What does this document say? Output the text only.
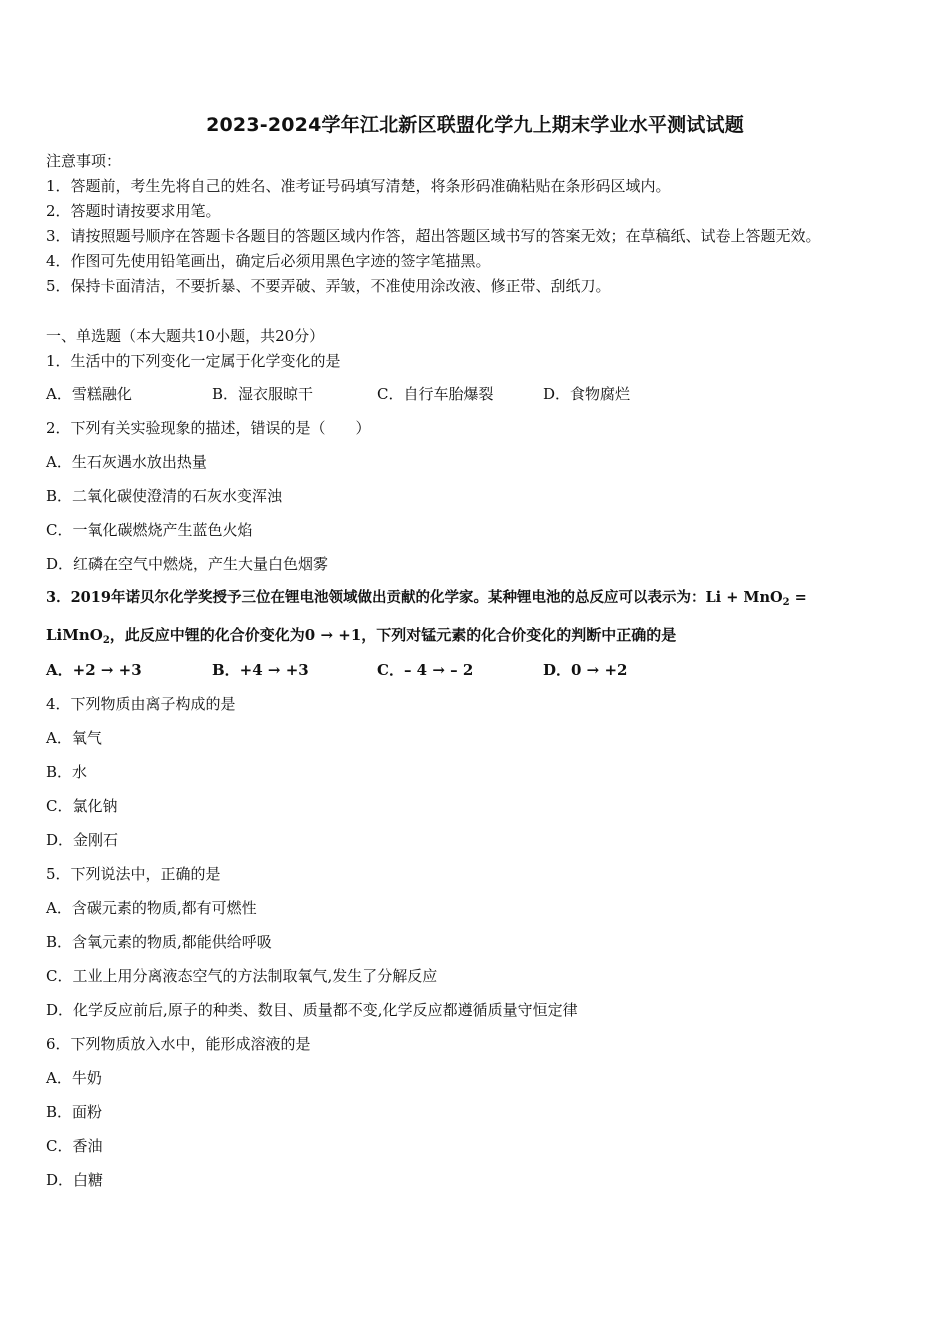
2023-2024学年江北新区联盟化学九上期末学业水平测试试题
注意事项：
1．答题前，考生先将自己的姓名、准考证号码填写清楚，将条形码准确粘贴在条形码区域内。
2．答题时请按要求用笔。
3．请按照题号顺序在答题卡各题目的答题区域内作答，超出答题区域书写的答案无效；在草稿纸、试卷上答题无效。
4．作图可先使用铅笔画出，确定后必须用黑色字迹的签字笔描黑。
5．保持卡面清洁，不要折暴、不要弄破、弄皱，不准使用涂改液、修正带、刮纸刀。
一、单选题（本大题共10小题，共20分）
1．生活中的下列变化一定属于化学变化的是
A．雪糕融化	B．湿衣服晾干	C．自行车胎爆裂	D．食物腐烂
2．下列有关实验现象的描述，错误的是（　　）
A．生石灰遇水放出热量
B．二氧化碳使澄清的石灰水变浑浊
C．一氧化碳燃烧产生蓝色火焰
D．红磷在空气中燃烧，产生大量白色烟雾
3．2019年诺贝尔化学奖授予三位在锂电池领域做出贡献的化学家。某种锂电池的总反应可以表示为：Li + MnO$_2$ =
LiMnO$_2$，此反应中锂的化合价变化为0 → +1，下列对锰元素的化合价变化的判断中正确的是
A．+2 → +3	B．+4 → +3	C．– 4 → – 2	D．0 → +2
4．下列物质由离子构成的是
A．氧气
B．水
C．氯化钠
D．金刚石
5．下列说法中，正确的是
A．含碳元素的物质,都有可燃性
B．含氧元素的物质,都能供给呼吸
C．工业上用分离液态空气的方法制取氧气,发生了分解反应
D．化学反应前后,原子的种类、数目、质量都不变,化学反应都遵循质量守恒定律
6．下列物质放入水中，能形成溶液的是
A．牛奶
B．面粉
C．香油
D．白糖
